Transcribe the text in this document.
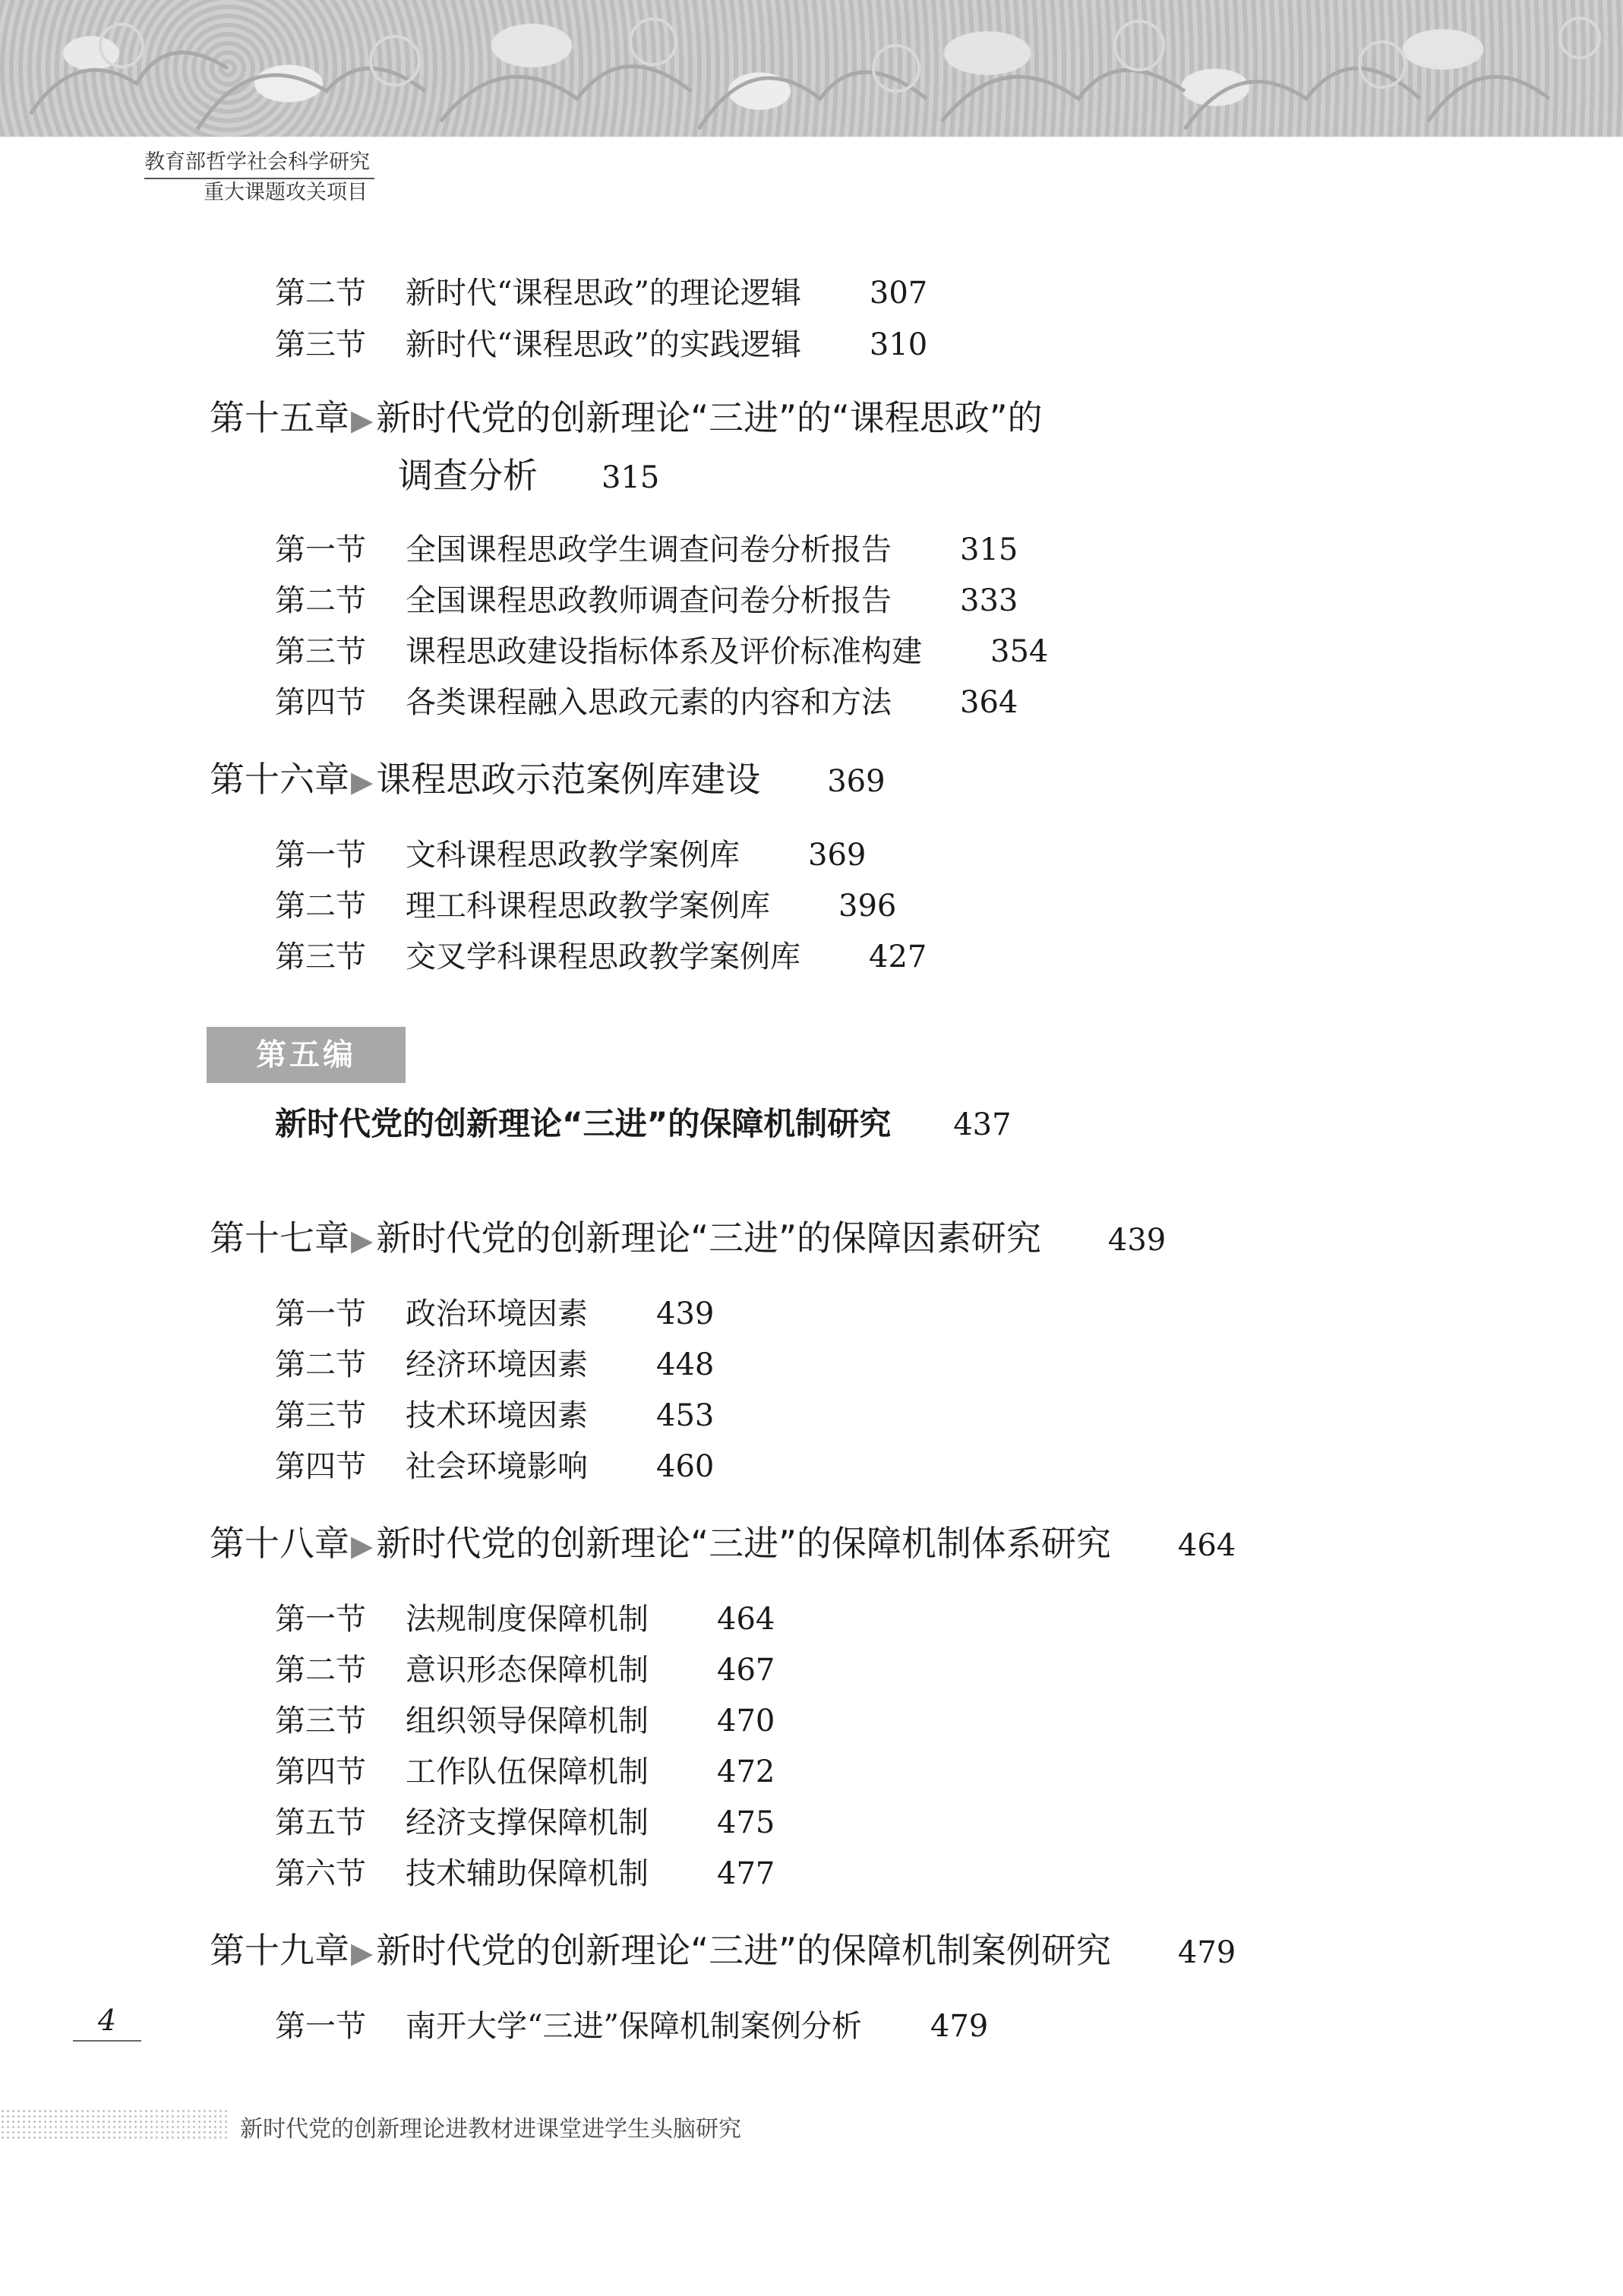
教育部哲学社会科学研究
重大课题攻关项目
第二节 新时代“课程思政”的理论逻辑 307
第三节 新时代“课程思政”的实践逻辑 310
第十五章▶新时代党的创新理论“三进”的“课程思政”的
调查分析 315
第一节 全国课程思政学生调查问卷分析报告 315
第二节 全国课程思政教师调查问卷分析报告 333
第三节 课程思政建设指标体系及评价标准构建 354
第四节 各类课程融入思政元素的内容和方法 364
第十六章▶课程思政示范案例库建设 369
第一节 文科课程思政教学案例库 369
第二节 理工科课程思政教学案例库 396
第三节 交叉学科课程思政教学案例库 427
第五编
新时代党的创新理论“三进”的保障机制研究 437
第十七章▶新时代党的创新理论“三进”的保障因素研究 439
第一节 政治环境因素 439
第二节 经济环境因素 448
第三节 技术环境因素 453
第四节 社会环境影响 460
第十八章▶新时代党的创新理论“三进”的保障机制体系研究 464
第一节 法规制度保障机制 464
第二节 意识形态保障机制 467
第三节 组织领导保障机制 470
第四节 工作队伍保障机制 472
第五节 经济支撑保障机制 475
第六节 技术辅助保障机制 477
第十九章▶新时代党的创新理论“三进”的保障机制案例研究 479
第一节 南开大学“三进”保障机制案例分析 479
4
新时代党的创新理论进教材进课堂进学生头脑研究
